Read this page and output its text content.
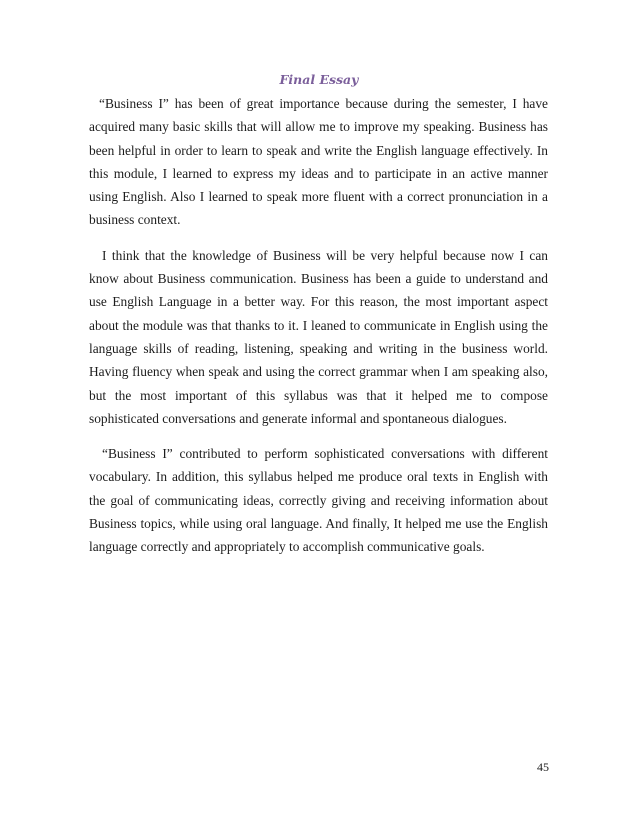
Final Essay

“Business I” has been of great importance because during the semester, I have acquired many basic skills that will allow me to improve my speaking. Business has been helpful in order to learn to speak and write the English language effectively. In this module, I learned to express my ideas and to participate in an active manner using English. Also I learned to speak more fluent with a correct pronunciation in a business context.

I think that the knowledge of Business will be very helpful because now I can know about Business communication. Business has been a guide to understand and use English Language in a better way. For this reason, the most important aspect about the module was that thanks to it. I leaned to communicate in English using the language skills of reading, listening, speaking and writing in the business world. Having fluency when speak and using the correct grammar when I am speaking also, but the most important of this syllabus was that it helped me to compose sophisticated conversations and generate informal and spontaneous dialogues.

“Business I” contributed to perform sophisticated conversations with different vocabulary. In addition, this syllabus helped me produce oral texts in English with the goal of communicating ideas, correctly giving and receiving information about Business topics, while using oral language. And finally, It helped me use the English language correctly and appropriately to accomplish communicative goals.

45
